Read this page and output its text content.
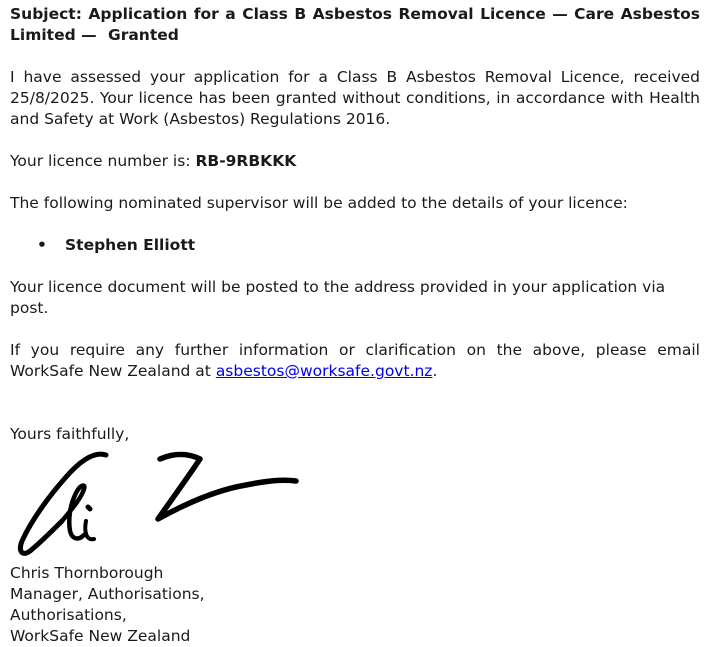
Subject: Application for a Class B Asbestos Removal Licence — Care Asbestos Limited — Granted

I have assessed your application for a Class B Asbestos Removal Licence, received 25/8/2025. Your licence has been granted without conditions, in accordance with Health and Safety at Work (Asbestos) Regulations 2016.

Your licence number is: RB-9RBKKK

The following nominated supervisor will be added to the details of your licence:

• Stephen Elliott

Your licence document will be posted to the address provided in your application via post.

If you require any further information or clarification on the above, please email WorkSafe New Zealand at asbestos@worksafe.govt.nz.

Yours faithfully,

Chris Thornborough
Manager, Authorisations,
Authorisations,
WorkSafe New Zealand
